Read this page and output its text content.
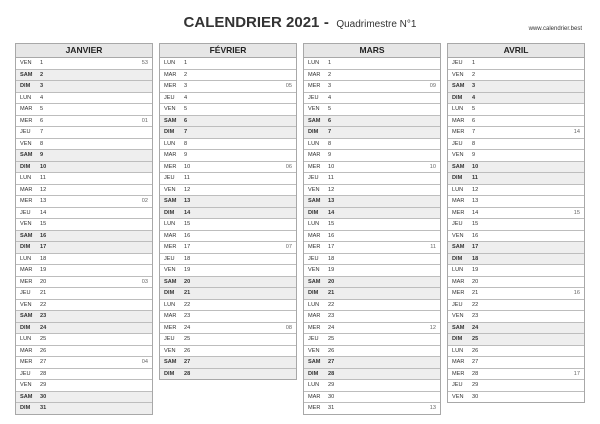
CALENDRIER 2021 - Quadrimestre N°1	www.calendrier.best
JANVIER
VEN 1	53
SAM 2
DIM 3
LUN 4
MAR 5
MER 6	01
JEU 7
VEN 8
SAM 9
DIM 10
LUN 11
MAR 12
MER 13	02
JEU 14
VEN 15
SAM 16
DIM 17
LUN 18
MAR 19
MER 20	03
JEU 21
VEN 22
SAM 23
DIM 24
LUN 25
MAR 26
MER 27	04
JEU 28
VEN 29
SAM 30
DIM 31
FÉVRIER
LUN 1
MAR 2
MER 3	05
JEU 4
VEN 5
SAM 6
DIM 7
LUN 8
MAR 9
MER 10	06
JEU 11
VEN 12
SAM 13
DIM 14
LUN 15
MAR 16
MER 17	07
JEU 18
VEN 19
SAM 20
DIM 21
LUN 22
MAR 23
MER 24	08
JEU 25
VEN 26
SAM 27
DIM 28
MARS
LUN 1
MAR 2
MER 3	09
JEU 4
VEN 5
SAM 6
DIM 7
LUN 8
MAR 9
MER 10	10
JEU 11
VEN 12
SAM 13
DIM 14
LUN 15
MAR 16
MER 17	11
JEU 18
VEN 19
SAM 20
DIM 21
LUN 22
MAR 23
MER 24	12
JEU 25
VEN 26
SAM 27
DIM 28
LUN 29
MAR 30
MER 31	13
AVRIL
JEU 1
VEN 2
SAM 3
DIM 4
LUN 5
MAR 6
MER 7	14
JEU 8
VEN 9
SAM 10
DIM 11
LUN 12
MAR 13
MER 14	15
JEU 15
VEN 16
SAM 17
DIM 18
LUN 19
MAR 20
MER 21	16
JEU 22
VEN 23
SAM 24
DIM 25
LUN 26
MAR 27
MER 28	17
JEU 29
VEN 30
